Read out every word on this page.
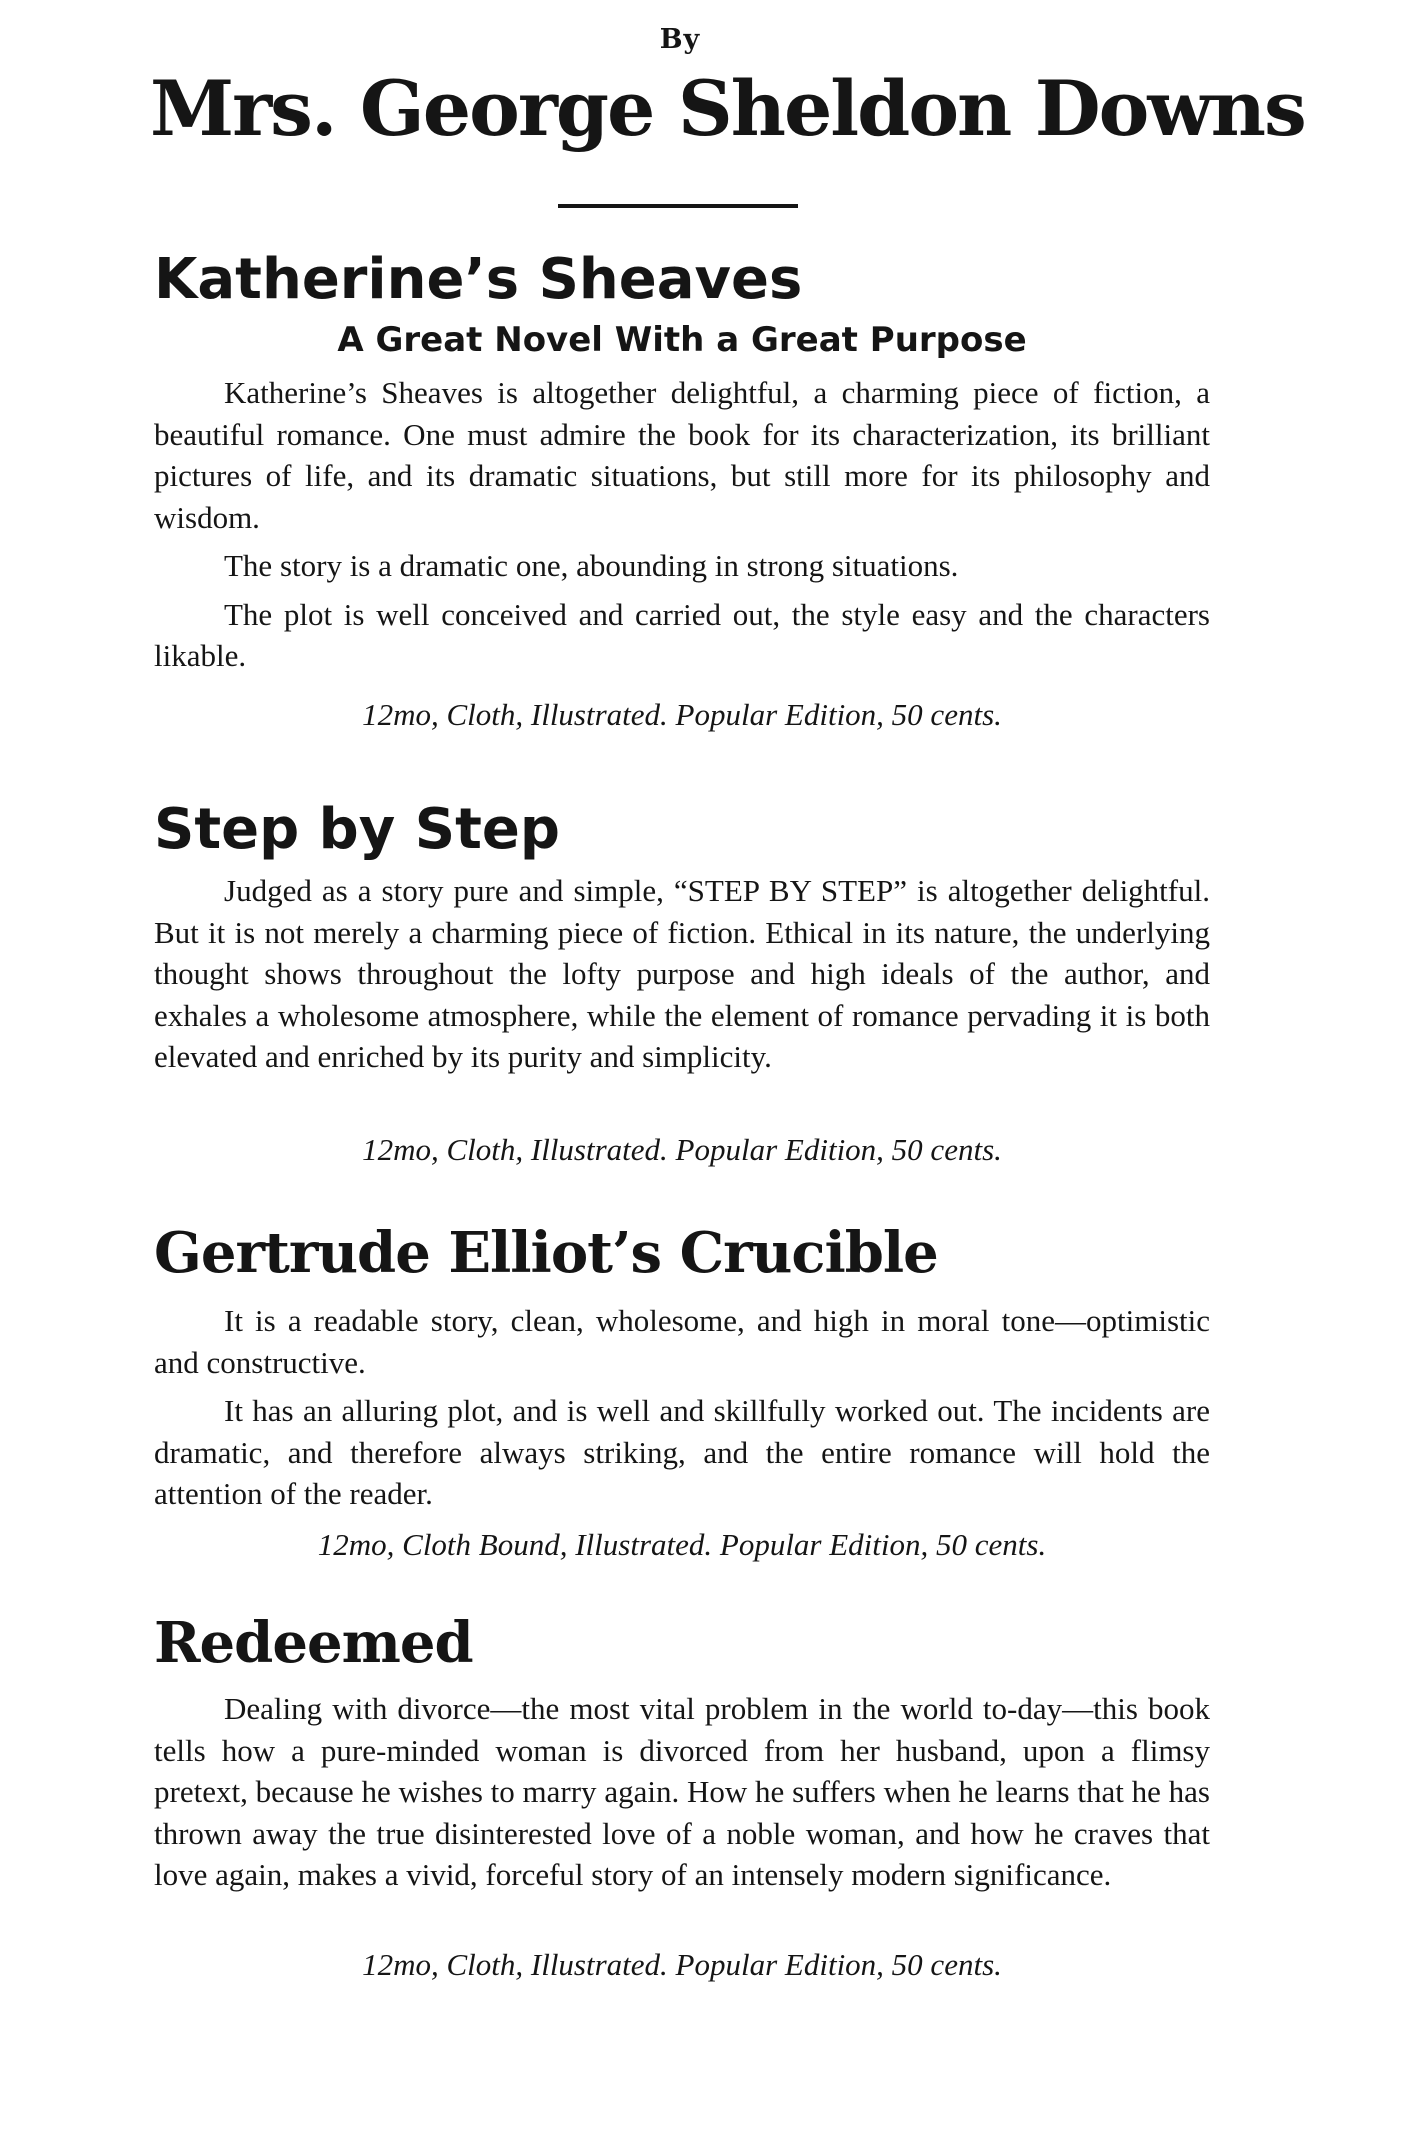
By
Mrs. George Sheldon Downs
Katherine’s Sheaves
A Great Novel With a Great Purpose

Katherine’s Sheaves is altogether delightful, a charming piece of fiction, a beautiful romance. One must admire the book for its characterization, its brilliant pictures of life, and its dramatic situations, but still more for its philosophy and wisdom.

The story is a dramatic one, abounding in strong situations.

The plot is well conceived and carried out, the style easy and the characters likable.

12mo, Cloth, Illustrated. Popular Edition, 50 cents.
Step by Step

Judged as a story pure and simple, “STEP BY STEP” is altogether delightful. But it is not merely a charming piece of fiction. Ethical in its nature, the underlying thought shows throughout the lofty purpose and high ideals of the author, and exhales a wholesome atmosphere, while the element of romance pervading it is both elevated and enriched by its purity and simplicity.

12mo, Cloth, Illustrated. Popular Edition, 50 cents.
Gertrude Elliot’s Crucible

It is a readable story, clean, wholesome, and high in moral tone—optimistic and constructive.

It has an alluring plot, and is well and skillfully worked out. The incidents are dramatic, and therefore always striking, and the entire romance will hold the attention of the reader.

12mo, Cloth Bound, Illustrated. Popular Edition, 50 cents.
Redeemed

Dealing with divorce—the most vital problem in the world to-day—this book tells how a pure-minded woman is divorced from her husband, upon a flimsy pretext, because he wishes to marry again. How he suffers when he learns that he has thrown away the true disinterested love of a noble woman, and how he craves that love again, makes a vivid, forceful story of an intensely modern significance.

12mo, Cloth, Illustrated. Popular Edition, 50 cents.
